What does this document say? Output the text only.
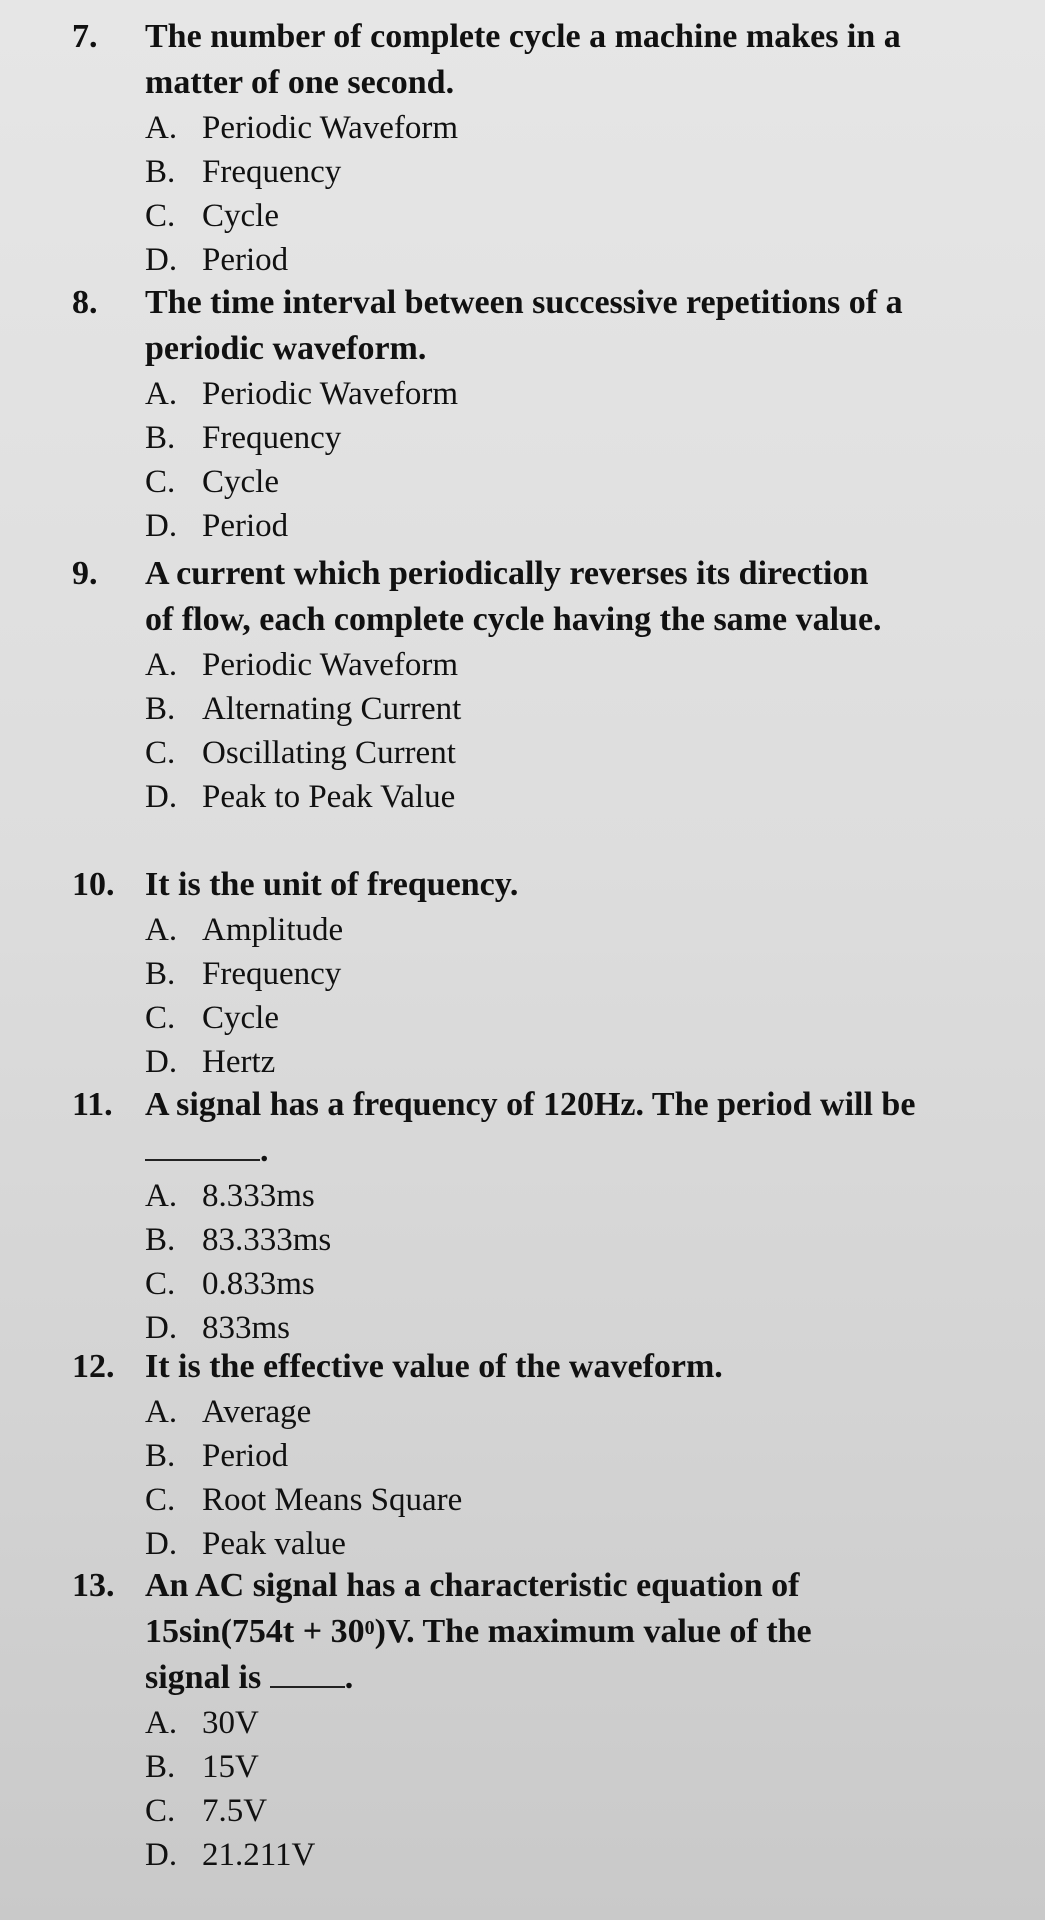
7. The number of complete cycle a machine makes in a matter of one second.
A. Periodic Waveform
B. Frequency
C. Cycle
D. Period
8. The time interval between successive repetitions of a periodic waveform.
A. Periodic Waveform
B. Frequency
C. Cycle
D. Period
9. A current which periodically reverses its direction of flow, each complete cycle having the same value.
A. Periodic Waveform
B. Alternating Current
C. Oscillating Current
D. Peak to Peak Value
10. It is the unit of frequency.
A. Amplitude
B. Frequency
C. Cycle
D. Hertz
11. A signal has a frequency of 120Hz. The period will be.
A. 8.333ms
B. 83.333ms
C. 0.833ms
D. 833ms
12. It is the effective value of the waveform.
A. Average
B. Period
C. Root Means Square
D. Peak value
13. An AC signal has a characteristic equation of
$15\sin(754t + 30^0)V$. The maximum value of the
signal is .
A. 30V
B. 15V
C. 7.5V
D. 21.211V
